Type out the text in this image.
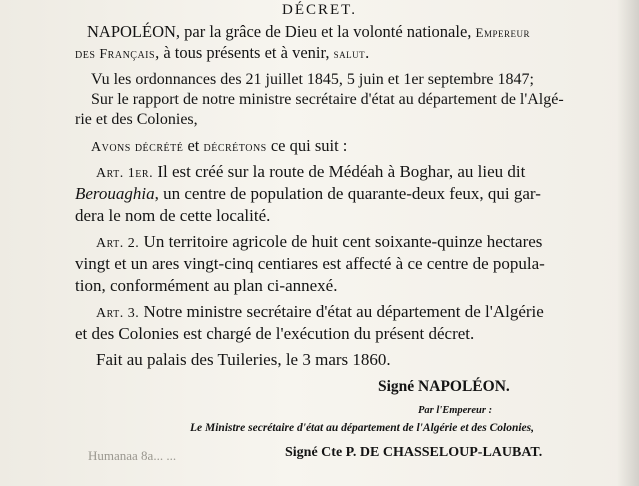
DÉCRET.
NAPOLÉON, par la grâce de Dieu et la volonté nationale, Empereur
des Français, à tous présents et à venir, salut.
Vu les ordonnances des 21 juillet 1845, 5 juin et 1er septembre 1847;
Sur le rapport de notre ministre secrétaire d'état au département de l'Algé-
rie et des Colonies,
Avons décrété et décrétons ce qui suit :
Art. 1er. Il est créé sur la route de Médéah à Boghar, au lieu dit
Berouaghia, un centre de population de quarante-deux feux, qui gar-
dera le nom de cette localité.
Art. 2. Un territoire agricole de huit cent soixante-quinze hectares
vingt et un ares vingt-cinq centiares est affecté à ce centre de popula-
tion, conformément au plan ci-annexé.
Art. 3. Notre ministre secrétaire d'état au département de l'Algérie
et des Colonies est chargé de l'exécution du présent décret.
Fait au palais des Tuileries, le 3 mars 1860.
Signé NAPOLÉON.
Par l'Empereur :
Le Ministre secrétaire d'état au département de l'Algérie et des Colonies,
Humanaa 8a... ...	Signé Cte P. DE CHASSELOUP-LAUBAT.
